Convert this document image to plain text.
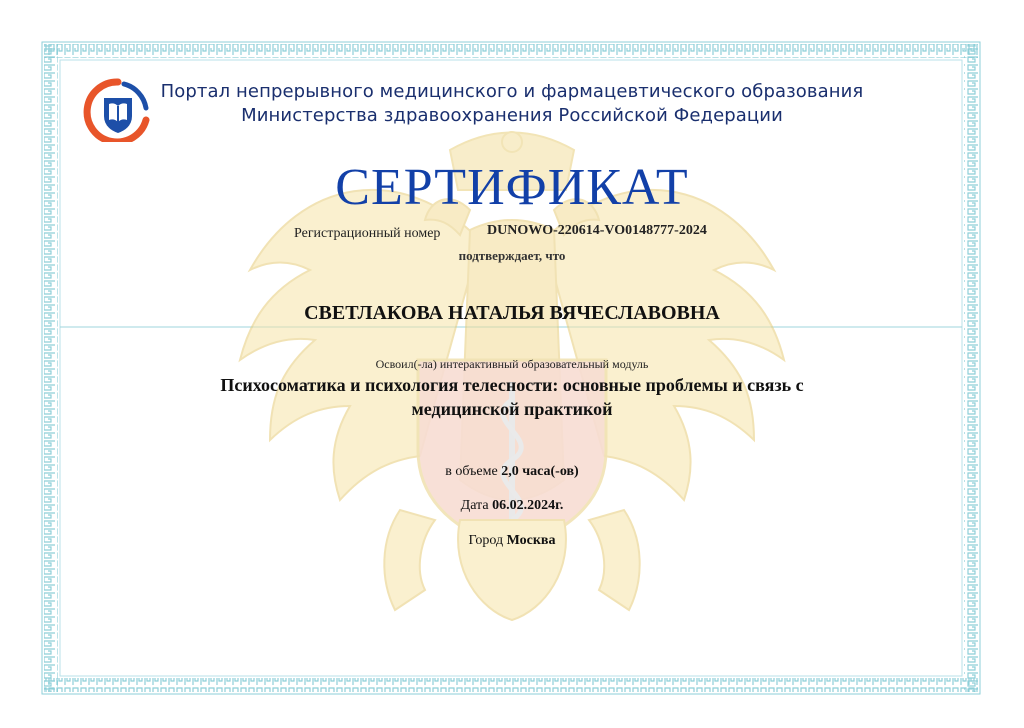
Портал непрерывного медицинского и фармацевтического образования
Министерства здравоохранения Российской Федерации
СЕРТИФИКАТ
Регистрационный номер	DUNOWO-220614-VO0148777-2024
подтверждает, что
СВЕТЛАКОВА НАТАЛЬЯ ВЯЧЕСЛАВОВНА
Освоил(-ла) интерактивный образовательный модуль
Психосоматика и психология телесности: основные проблемы и связь с медицинской практикой
в объеме 2,0 часа(-ов)
Дата 06.02.2024г.
Город Москва
